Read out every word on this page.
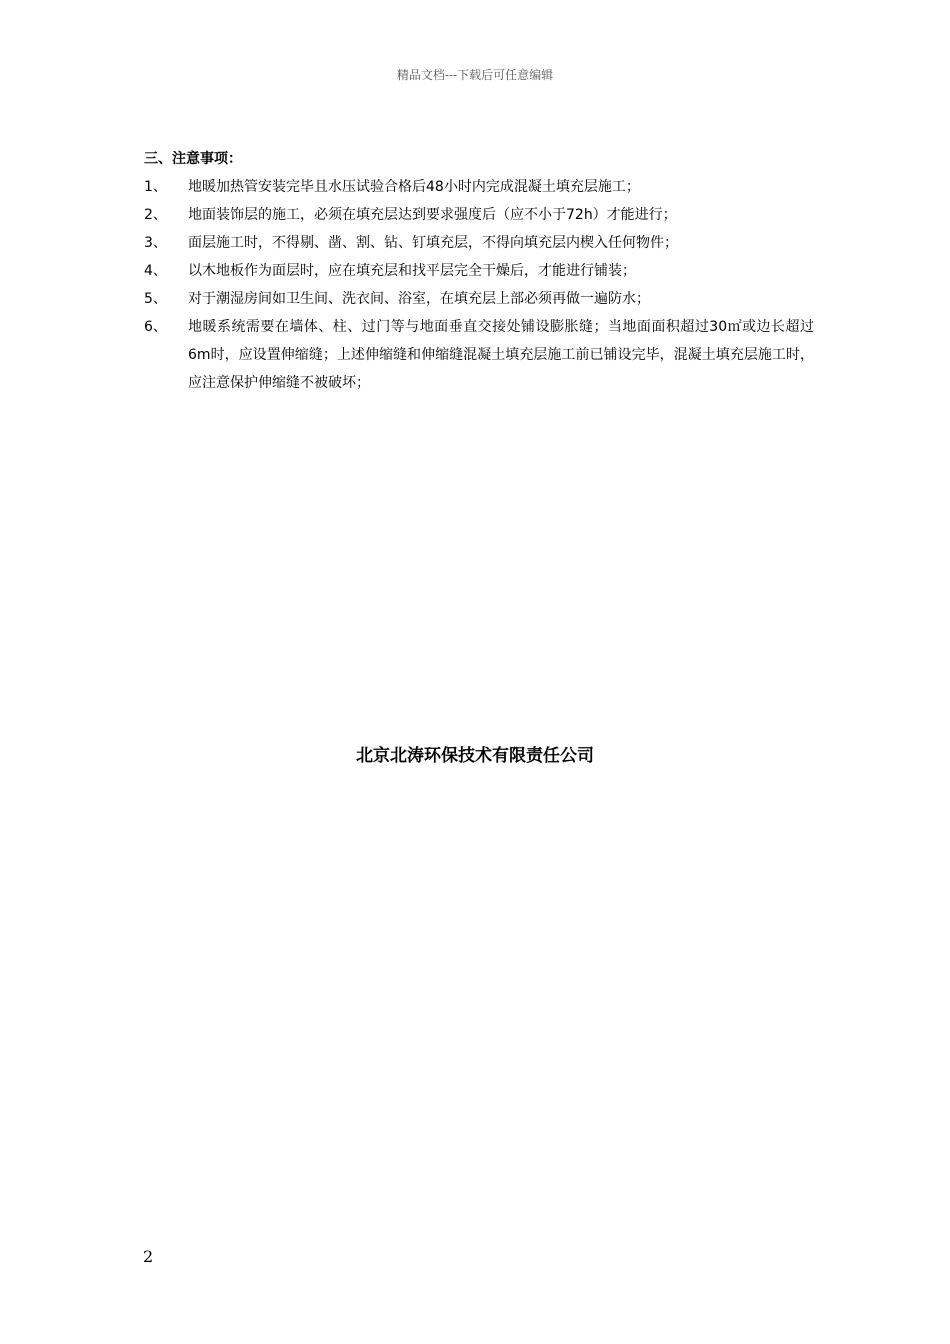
精品文档---下载后可任意编辑
三、注意事项：
1、	地暖加热管安装完毕且水压试验合格后48小时内完成混凝土填充层施工；
2、	地面装饰层的施工，必须在填充层达到要求强度后（应不小于72h）才能进行；
3、	面层施工时，不得剔、凿、割、钻、钉填充层，不得向填充层内楔入任何物件；
4、	以木地板作为面层时，应在填充层和找平层完全干燥后，才能进行铺装；
5、	对于潮湿房间如卫生间、洗衣间、浴室，在填充层上部必须再做一遍防水；
6、	地暖系统需要在墙体、柱、过门等与地面垂直交接处铺设膨胀缝；当地面面积超过30㎡或边长超过6m时，应设置伸缩缝；上述伸缩缝和伸缩缝混凝土填充层施工前已铺设完毕，混凝土填充层施工时，应注意保护伸缩缝不被破坏；
北京北涛环保技术有限责任公司
2
